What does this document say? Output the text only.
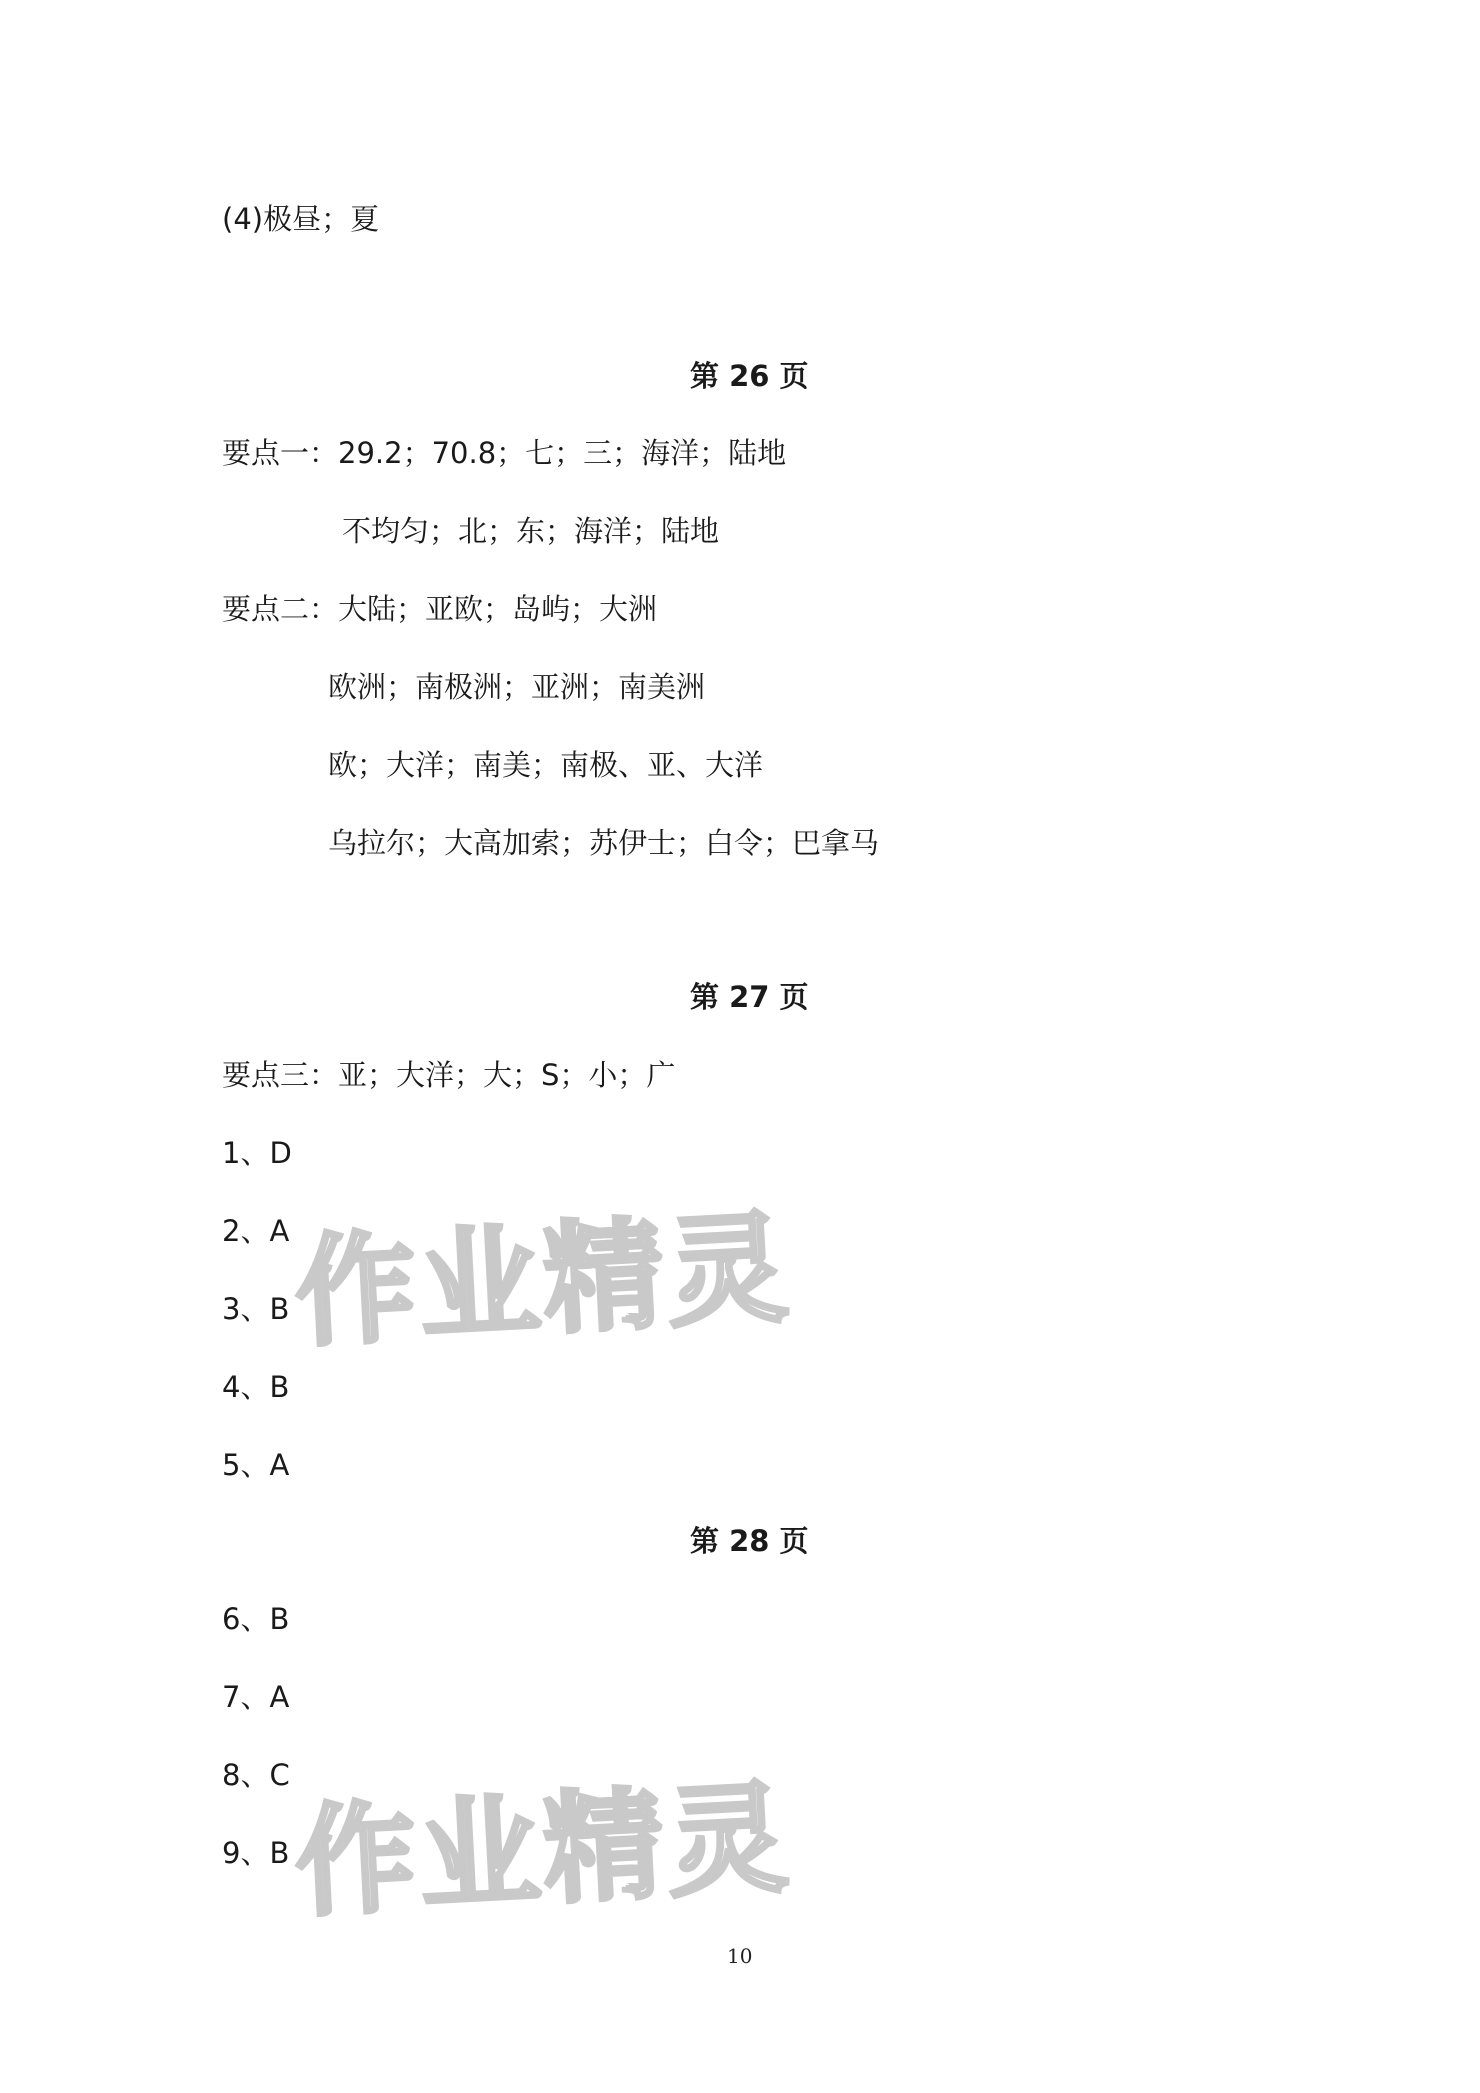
(4)极昼；夏
第 26 页
要点一：29.2；70.8；七；三；海洋；陆地
不均匀；北；东；海洋；陆地
要点二：大陆；亚欧；岛屿；大洲
欧洲；南极洲；亚洲；南美洲
欧；大洋；南美；南极、亚、大洋
乌拉尔；大高加索；苏伊士；白令；巴拿马
第 27 页
要点三：亚；大洋；大；S；小；广
1、D
2、A
3、B
4、B
5、A
第 28 页
6、B
7、A
8、C
9、B
作业精灵
作业精灵
10
